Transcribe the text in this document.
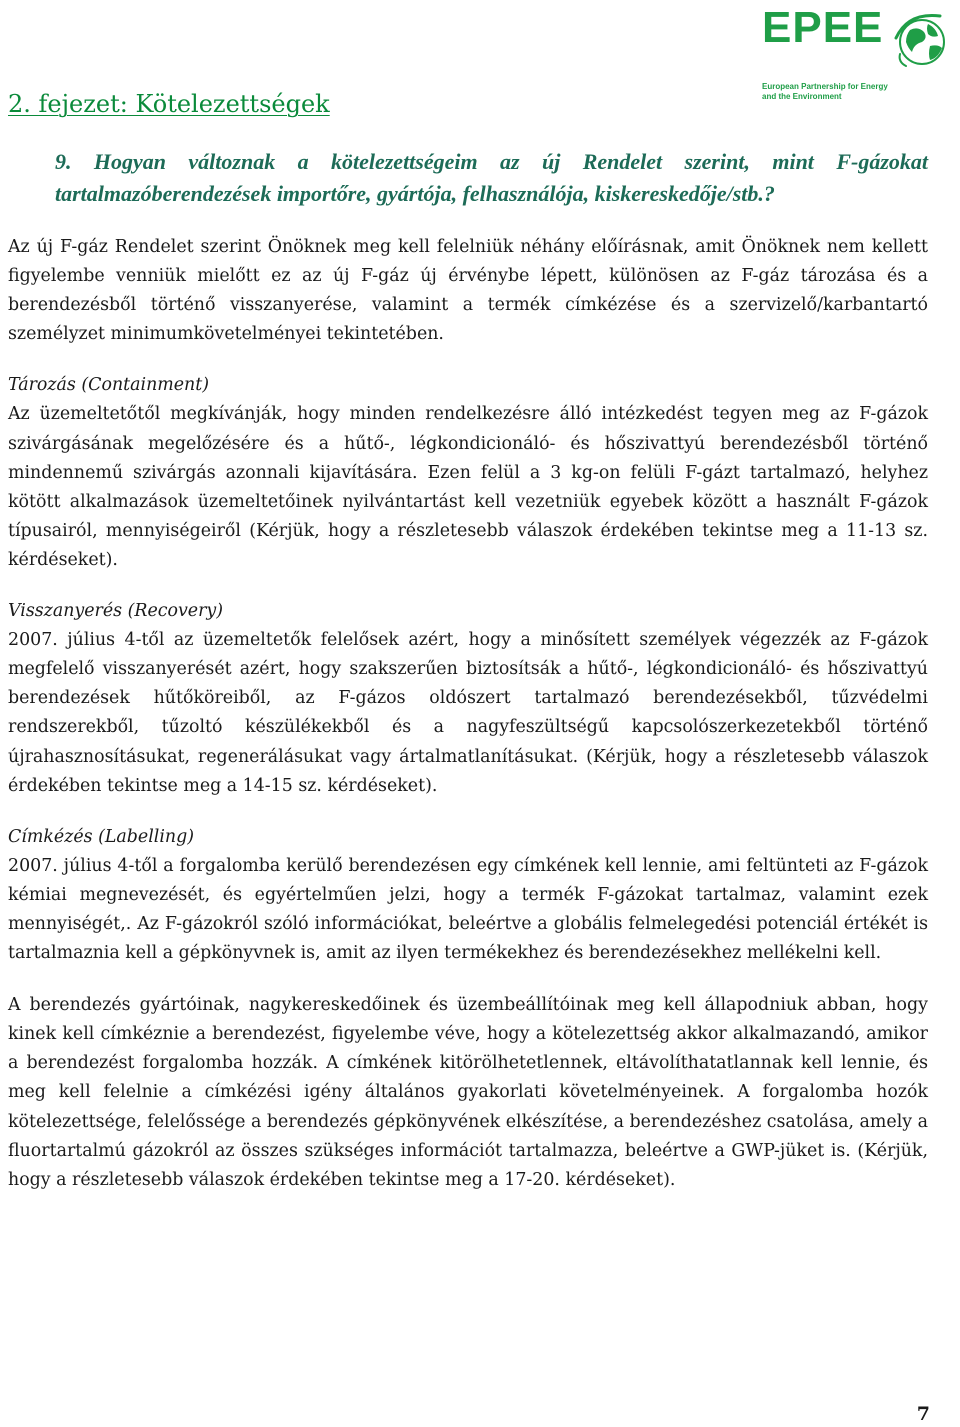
EPEE
European Partnership for Energy
and the Environment
2. fejezet: Kötelezettségek

9. Hogyan változnak a kötelezettségeim az új Rendelet szerint, mint F-gázokat tartalmazóberendezések importőre, gyártója, felhasználója, kiskereskedője/stb.?

Az új F-gáz Rendelet szerint Önöknek meg kell felelniük néhány előírásnak, amit Önöknek nem kellett figyelembe venniük mielőtt ez az új F-gáz új érvénybe lépett, különösen az F-gáz tározása és a berendezésből történő visszanyerése, valamint a termék címkézése és a szervizelő/karbantartó személyzet minimumkövetelményei tekintetében.

Tározás (Containment)

Az üzemeltetőtől megkívánják, hogy minden rendelkezésre álló intézkedést tegyen meg az F-gázok szivárgásának megelőzésére és a hűtő-, légkondicionáló- és hőszivattyú berendezésből történő mindennemű szivárgás azonnali kijavítására. Ezen felül a 3 kg-on felüli F-gázt tartalmazó, helyhez kötött alkalmazások üzemeltetőinek nyilvántartást kell vezetniük egyebek között a használt F-gázok típusairól, mennyiségeiről (Kérjük, hogy a részletesebb válaszok érdekében tekintse meg a 11-13 sz. kérdéseket).

Visszanyerés (Recovery)

2007. július 4-től az üzemeltetők felelősek azért, hogy a minősített személyek végezzék az F-gázok megfelelő visszanyerését azért, hogy szakszerűen biztosítsák a hűtő-, légkondicionáló- és hőszivattyú berendezések hűtőköreiből, az F-gázos oldószert tartalmazó berendezésekből, tűzvédelmi rendszerekből, tűzoltó készülékekből és a nagyfeszültségű kapcsolószerkezetekből történő újrahasznosításukat, regenerálásukat vagy ártalmatlanításukat. (Kérjük, hogy a részletesebb válaszok érdekében tekintse meg a 14-15 sz. kérdéseket).

Címkézés (Labelling)

2007. július 4-től a forgalomba kerülő berendezésen egy címkének kell lennie, ami feltünteti az F-gázok kémiai megnevezését, és egyértelműen jelzi, hogy a termék F-gázokat tartalmaz, valamint ezek mennyiségét,. Az F-gázokról szóló információkat, beleértve a globális felmelegedési potenciál értékét is tartalmaznia kell a gépkönyvnek is, amit az ilyen termékekhez és berendezésekhez mellékelni kell.

A berendezés gyártóinak, nagykereskedőinek és üzembeállítóinak meg kell állapodniuk abban, hogy kinek kell címkéznie a berendezést, figyelembe véve, hogy a kötelezettség akkor alkalmazandó, amikor a berendezést forgalomba hozzák. A címkének kitörölhetetlennek, eltávolíthatatlannak kell lennie, és meg kell felelnie a címkézési igény általános gyakorlati követelményeinek. A forgalomba hozók kötelezettsége, felelőssége a berendezés gépkönyvének elkészítése, a berendezéshez csatolása, amely a fluortartalmú gázokról az összes szükséges információt tartalmazza, beleértve a GWP-jüket is. (Kérjük, hogy a részletesebb válaszok érdekében tekintse meg a 17-20. kérdéseket).

7
